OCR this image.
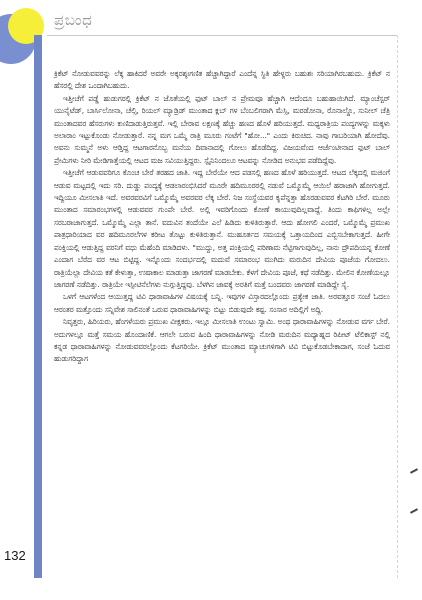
ಪ್ರಬಂಧ

ಕ್ರಿಕೆಟ್ ನೋಡುವವರನ್ನು ಲೆಕ್ಕ ಹಾಕಿದರೆ ಅವರೇ ಅಕ್ಕರಶ್ಶಃಗಣಿತ ಹೆಚ್ಚಾಗಿದ್ದಾರೆ ಎಂದೆನ್ನ ಸ್ಥಿತಿ ಹೇಳ್ದರು ಬಹುಶಃ ಸರಿಯಾಗಿರಬಹುದು. ಕ್ರಿಕೆಟ್ ನ ಹೆಸರಲ್ಲಿ ದೇಶ ಒಂದಾಗಿಬಹುದು.

ಇತ್ತೀಚೆಗೆ ಪಡ್ಡೆ ಹುಡುಗರಲ್ಲಿ ಕ್ರಿಕೆಟ್ ನ ಜೊತೆಯಲ್ಲಿ ಫುಟ್ ಬಾಲ್ ನ ಪ್ರೇಮವೂ ಹೆಚ್ಚಾಗಿ ಆದೆಂದೂ ಬಹುಹಾಯಿಗಿದೆ. ಮ್ಯಾಂಚೆಸ್ಟರ್ ಯುನೈಟೆಡ್, ಬಾರ್ಸಿಲೋನಾ, ಚೆಲ್ಸಿ, ರಿಯಲ್ ಮ್ಯಾಡ್ರಿಡ್ ಮುಂತಾದ ಕ್ಲಬ್ ಗಳ ಬೆಂಬಲಿಗರಾಗಿ ಮೆಸ್ಸಿ, ಮರಡೋನಾ, ರೊನಾಲ್ಡೊ, ಸುನೀಲ್ ಚೆತ್ರಿ ಮುಂತಾದವರ ಹೆಸರುಗಳು ಕುಣಿದಾಡುತ್ತಿರುತ್ತವೆ. ಇಲ್ಲಿ ಬೇರಾವ ಲಕ್ಷಣಕ್ಕೆ ಹೆಚ್ಚು ಹಣದ ಹೊಳೆ ಹರಿಯುತ್ತದೆ. ಮಧ್ಯರಾತ್ರಿಯ ಪಂದ್ಯಗಳನ್ನು ಮಕ್ಕಳು ಅಲಾರಾಂ ಇಟ್ಟುಕೊಂಡು ನೋಡುತ್ತಾರೆ. ನನ್ನ ಮಗ ಒಮ್ಮೆ ರಾತ್ರಿ ಮೂರು ಗಂಟೆಗೆ "ಹೋ..." ಎಂದು ಕಿರುಚಿದ. ನಾವು ಗಾಬರಿಯಾಗಿ ಹೋದೆವು. ಅವನು ಸುಮ್ಮನೆ ಅಳು ಆಡ್ತಿದ್ದ ಆಟಗಾರನೊಬ್ಬ ಮನೆಯ ದಿವಾನಾದಲ್ಲಿ ಗೋಲು ಹೊಡೆದಿದ್ದ. ವಿಜಯವೆಂದ ಆರ್ಜೆಂಟೀನಾದ ಫುಟ್ ಬಾಲ್ ಪ್ರೇಮಿಗಳು ನೀರಿ ಮೇಡಿಗಾತ್ತೆಯಲ್ಲಿ ಆಟದ ಮಜ ಸವಿಯುತ್ತಿದ್ದರು. ಸ್ಪೈನಿನಿಂದಲೂ ಆಟವನ್ನು ನೋಡಿದ ಅನುಭವ ಪಡೆದಿದ್ದೆವು.

ಇತ್ತೀಚೆಗೆ ಆಡುವವರಿಗೂ ಕೊಂಚ ಬೇರೆ ತರಹದ ಜಾತಿ. ಇದ್ದ ಬೇರೆಯೇ ಆದ ಪಡಸಲ್ಲಿ ಹಣದ ಹೊಳೆ ಹರಿಯುತ್ತದೆ. ಆಟದ ಲೆಕ್ಕದಲ್ಲಿ ಮಜಿಂಗೆ ಆಡುವ ಮಟ್ಟದಲ್ಲಿ ಇದು ಸರಿ. ದುಡ್ಡು ಪಂದ್ಯಕ್ಕೆ ಆಡಲಾರಂಭಿಸಿದರೆ ಮೂರೇ ಹದಿಮೂರರಲ್ಲಿ ನಡುವೆ ಒಮ್ಮೊಮ್ಮೆ ಆಯಿಲೆ ಹರಾಜಾಗಿ ಹೋಗುತ್ತದೆ. ಇದ್ದಿಯೂ ಮೀಸಲಾತಿ ಇದೆ. ಅವರವರವಿಗೆ ಒಮ್ಮೊಮ್ಮೆ ಅವರವರ ಲೆಕ್ಕ ಬೇರೆ. ನಿಜ ಸಂಸ್ಥೆಯವರ ಕೃಪೆನ್ನತ್ತಾ ಹೊರಡುವವರ ಕೆಟಗಿರಿ ಬೇರೆ. ಮೂರು ಮುಂತಾದ ಸಮಾರಂಭಗಳಲ್ಲಿ ಆಡುವವರ ಗುಂಪೇ ಬೇರೆ. ಅಲ್ಲಿ ಇವರಿಗೊಂದು ಕೋಣೆ ಕಾಯುವುದಿಲ್ಲವಾದ್ದೆ. ತಿಂದು ಕಾಫಿಗಳಿಲ್ಲ ಅಲ್ಲೇ ಸರಬರಾಜಾಗುತ್ತದೆ. ಒಮ್ಮೊಮ್ಮೆ ಎಲ್ಲಾ ತಾನೆ. ವದುವಿನ ತಂದೆಯೇ ಎಲೆ ಹಿಡಿದು ಕುಳಿತಿರುತ್ತಾರೆ. ಆದು ಹೋಗಲಿ ಎಂದರೆ, ಒಮ್ಮೊಮ್ಮೆ ಪ್ರಮುಖ ಪಾತ್ರಧಾರಿಯಾದ ವರ ಹದಿಮೂರಲೆಗಳ ಕರೀಟ ತೊಟ್ಟು ಕುಳಿತಿರುತ್ತಾನೆ. ಮುಹೂರ್ತದ ಸಮಯಕ್ಕೆ ಒತ್ತಾಯದಿಂದ ಎಬ್ಬಿಸಬೇಕಾಗುತ್ತದೆ. ಹೀಗೇ ಪಂಕ್ತಿಯಲ್ಲಿ ಆಡುತ್ತಿದ್ದ ವರನಿಗೆ ವಧು ಮೆಹೆಂದಿ ಮಾಡಿದಳು. "ಮುದ್ದು, ಅತ್ತ ಪಂಕ್ತಿಯಲ್ಲಿ ಪರಿಣಾಮ ನೆಟ್ಟಿಗಾಗುವುದಿಲ್ಲ, ನಾನು ದ್ರೌಪದಿಯನ್ನ ಕೋಣೆ ಎಂದಾಗ ಬೆರೆದ ವರ ಆಟ ಬಿಟ್ಟಿದ್ದ. ಇನ್ನೊಂದು ಸಂದರ್ಭದಲ್ಲಿ ಮದುವೆ ಸಮಾರಂಭ ಮುಗಿದು ಮರುದಿನ ದೇವಿಯ ಪೂಜೆಯ ಗೋದಲು. ರಾತ್ರಿಯೆಲ್ಲಾ ದೇವಿಯ ಕತೆ ಕೇಳುತ್ತಾ, ಉಷಾಕಾಲ ಮಾಡುತ್ತಾ ಜಾಗರಣೆ ಮಾಡಬೇಕು. ಕೆಳಗೆ ದೇವಿಯ ಪೂಜೆ, ಕಥೆ ನಡೆದಿತ್ತು. ಮೇಲಿನ ಕೋಣೆಯಲ್ಲೂ ಜಾಗರಣೆ ನಡೆದಿತ್ತು. ರಾತ್ರಿಯೇ ಇಸ್ಪೀಟಿನೆಲೆಗಳು ನುಗ್ಗುತ್ತಿದ್ದವು. ಬೆಳಗಿನ ಜಾವಕ್ಕೆ ಅರತಿಗೆ ಮತ್ತೆ ಬಂದವರು ಜಾಗರಣೆ ಮಾಡಿದ್ದೇ ಸೈ.

ಒಳಗೆ ಆಟಗಳೆಂದ ಆಯುತ್ತದ್ದ ಟಿವಿ ಧಾರಾವಾಹಿಗಳ ವಿಷಯಕ್ಕೆ ಬನ್ನಿ. ಇವುಗಳ ವಿಸ್ತಾರದಲ್ಲೊಂದು ಪ್ರತ್ಯೇಕ ಜಾತಿ. ಅರವತ್ತೂರ ಸಂಜೆ ಓದಲು ಆರಂತರ ಮತ್ತೊಂದು ಸನ್ನಿವೇಶ ಸಾಲಿನಂತೆ ಒರುವ ಧಾರಾವಾಹಿಗಳನ್ನು ಬಿಟ್ಟು ಬಿಡುವುದೇ ಕಷ್ಟ. ಸಂಸಾರ ಅದಿಲ್ಲಿಗೆ ಅದ್ದಿ.

ನಿವೃತ್ತರು, ಹಿರಿಯರು, ಹೆಂಗಳೆಯರು ಪ್ರಮುಖ ವೀಕ್ಷಕರು. ಇಲ್ಲೂ ಮೀಸಲಾತಿ ಉಂಟು ಸ್ವಾಮಿ. ಅಂಥ ಧಾರಾವಾಹಿಗಳನ್ನು ನೋಡುವ ವರ್ಗ ಬೇರೆ. ಅದುಗಳಲ್ಲೂ ಮತ್ತೆ ಸಮಯ ಹೊಂದಾಣಿಕೆ. ಆಗಲೇ ಬರುವ ಹಿಂದಿ ಧಾರಾವಾಹಿಗಳನ್ನು ನೋಡಿ ಮರುದಿನ ಮಧ್ಯಾಹ್ನದ ರಿಪೀಟ್ ಟೆಲಿಕಾಸ್ಟ್ ನಲ್ಲಿ ಕನ್ನಡ ಧಾರಾವಾಹಿಗಳನ್ನು ನೋಡುವವರಲ್ಲೊಂದು ಕೆಟಗರಿಯೇ. ಕ್ರಿಕೆಟ್ ಮುಂತಾದ ಮ್ಯಾಚುಗಳಿಗಾಗಿ ಟಿವಿ ಬಿಟ್ಟುಕೊಡಬೇಕಾದಾಗ, ಸಂಜೆ ಓದುವ ಹುಡುಗರಿದ್ದಾಗ

132
